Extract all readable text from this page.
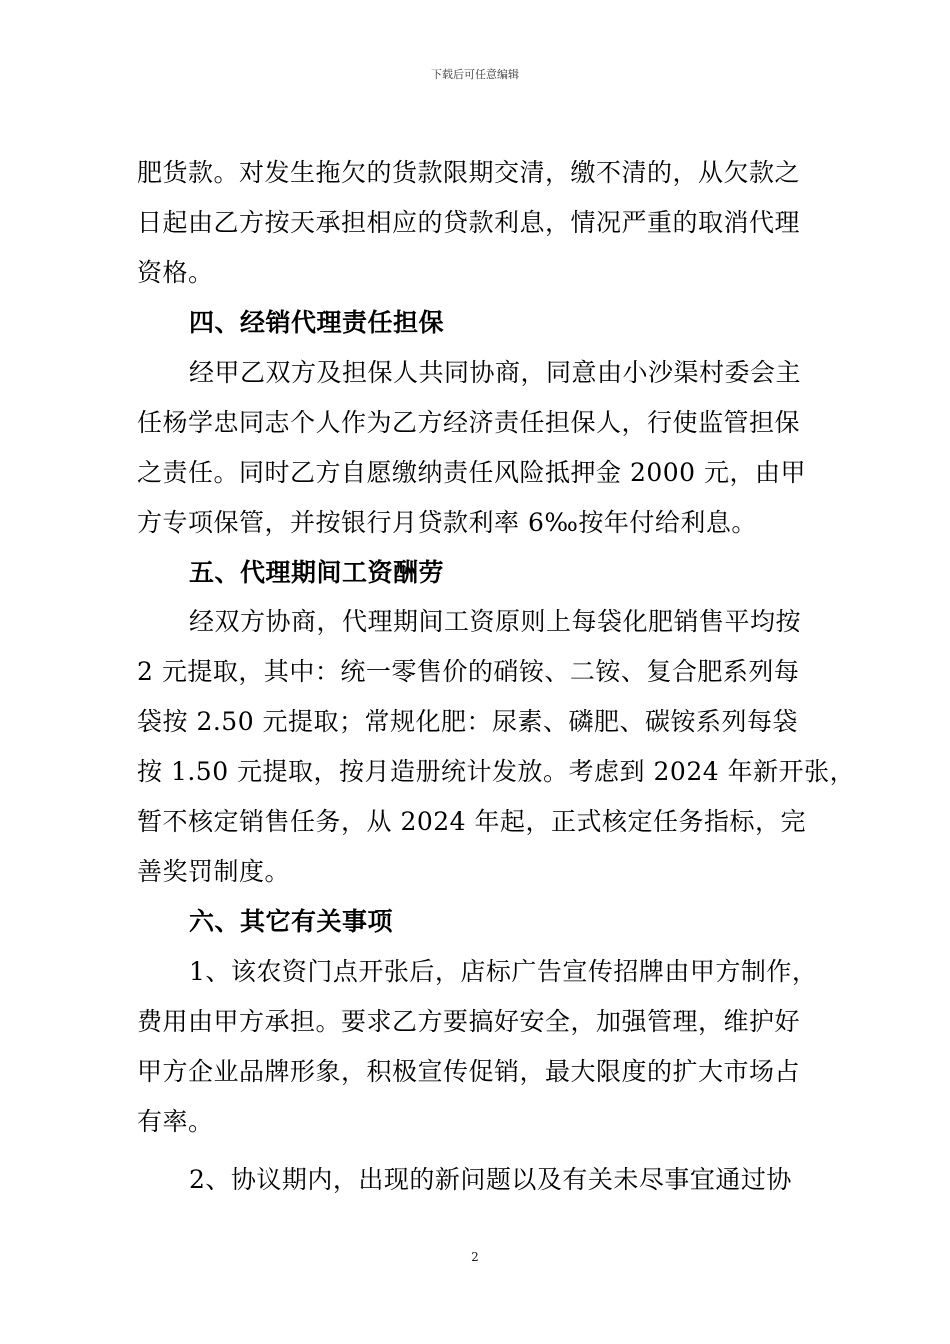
下载后可任意编辑
肥货款。对发生拖欠的货款限期交清，缴不清的，从欠款之
日起由乙方按天承担相应的贷款利息，情况严重的取消代理
资格。
四、经销代理责任担保
经甲乙双方及担保人共同协商，同意由小沙渠村委会主
任杨学忠同志个人作为乙方经济责任担保人，行使监管担保
之责任。同时乙方自愿缴纳责任风险抵押金 2000 元，由甲
方专项保管，并按银行月贷款利率 6‰按年付给利息。
五、代理期间工资酬劳
经双方协商，代理期间工资原则上每袋化肥销售平均按
2 元提取，其中：统一零售价的硝铵、二铵、复合肥系列每
袋按 2.50 元提取；常规化肥：尿素、磷肥、碳铵系列每袋
按 1.50 元提取，按月造册统计发放。考虑到 2024 年新开张，
暂不核定销售任务，从 2024 年起，正式核定任务指标，完
善奖罚制度。
六、其它有关事项
1、该农资门点开张后，店标广告宣传招牌由甲方制作，
费用由甲方承担。要求乙方要搞好安全，加强管理，维护好
甲方企业品牌形象，积极宣传促销，最大限度的扩大市场占
有率。
2、协议期内，出现的新问题以及有关未尽事宜通过协
2
